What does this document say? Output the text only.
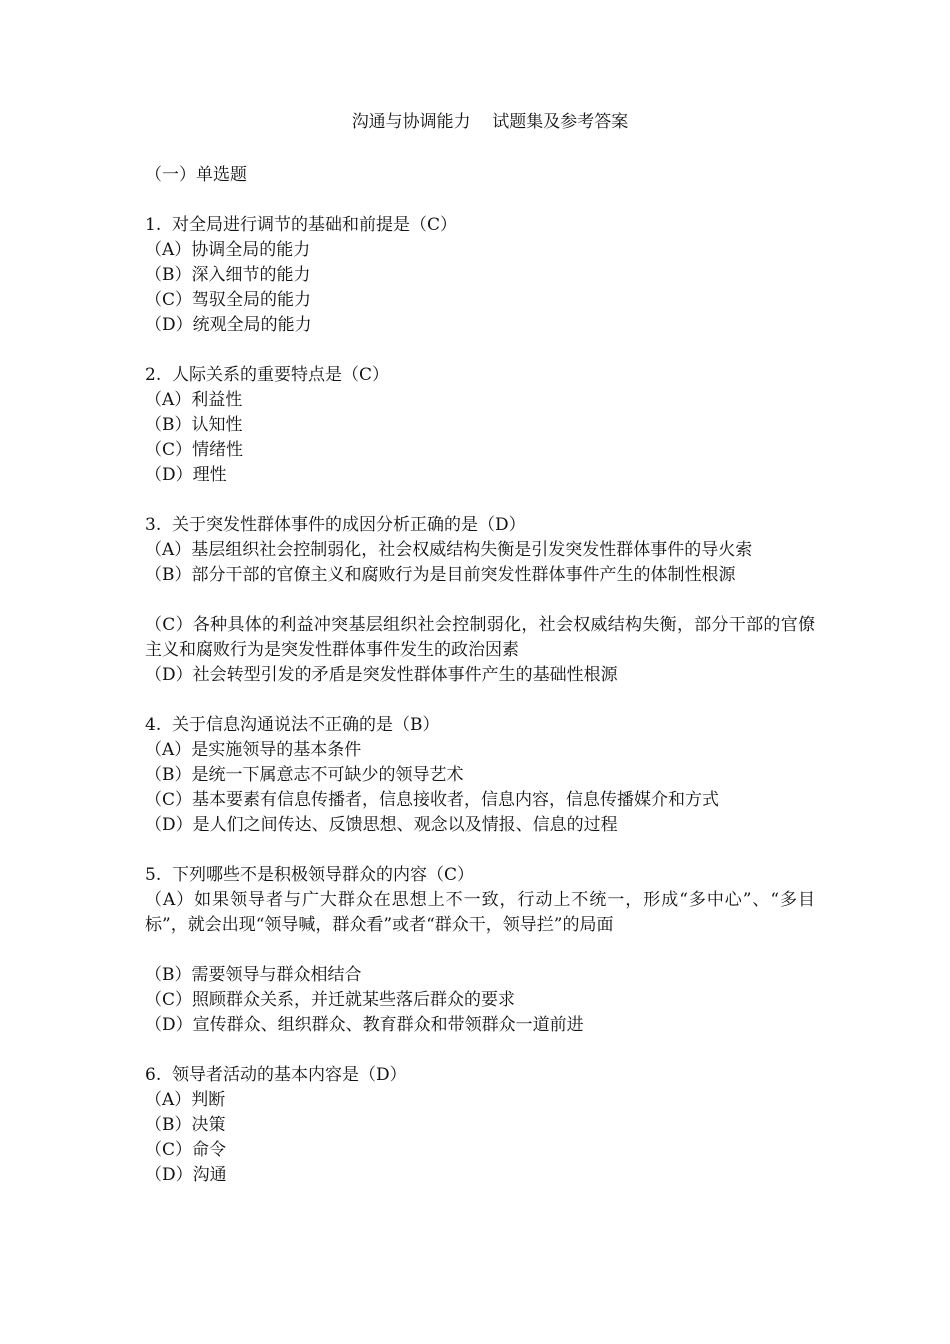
沟通与协调能力    试题集及参考答案
（一）单选题
1.  对全局进行调节的基础和前提是（C）
（A）协调全局的能力
（B）深入细节的能力
（C）驾驭全局的能力
（D）统观全局的能力
2.  人际关系的重要特点是（C）
（A）利益性
（B）认知性
（C）情绪性
（D）理性
3.  关于突发性群体事件的成因分析正确的是（D）
（A）基层组织社会控制弱化，社会权威结构失衡是引发突发性群体事件的导火索
（B）部分干部的官僚主义和腐败行为是目前突发性群体事件产生的体制性根源
（C）各种具体的利益冲突基层组织社会控制弱化，社会权威结构失衡，部分干部的官僚主义和腐败行为是突发性群体事件发生的政治因素
（D）社会转型引发的矛盾是突发性群体事件产生的基础性根源
4.  关于信息沟通说法不正确的是（B）
（A）是实施领导的基本条件
（B）是统一下属意志不可缺少的领导艺术
（C）基本要素有信息传播者，信息接收者，信息内容，信息传播媒介和方式
（D）是人们之间传达、反馈思想、观念以及情报、信息的过程
5.  下列哪些不是积极领导群众的内容（C）
（A）如果领导者与广大群众在思想上不一致，行动上不统一，形成“多中心”、“多目标”，就会出现“领导喊，群众看”或者“群众干，领导拦”的局面
（B）需要领导与群众相结合
（C）照顾群众关系，并迁就某些落后群众的要求
（D）宣传群众、组织群众、教育群众和带领群众一道前进
6.  领导者活动的基本内容是（D）
（A）判断
（B）决策
（C）命令
（D）沟通
